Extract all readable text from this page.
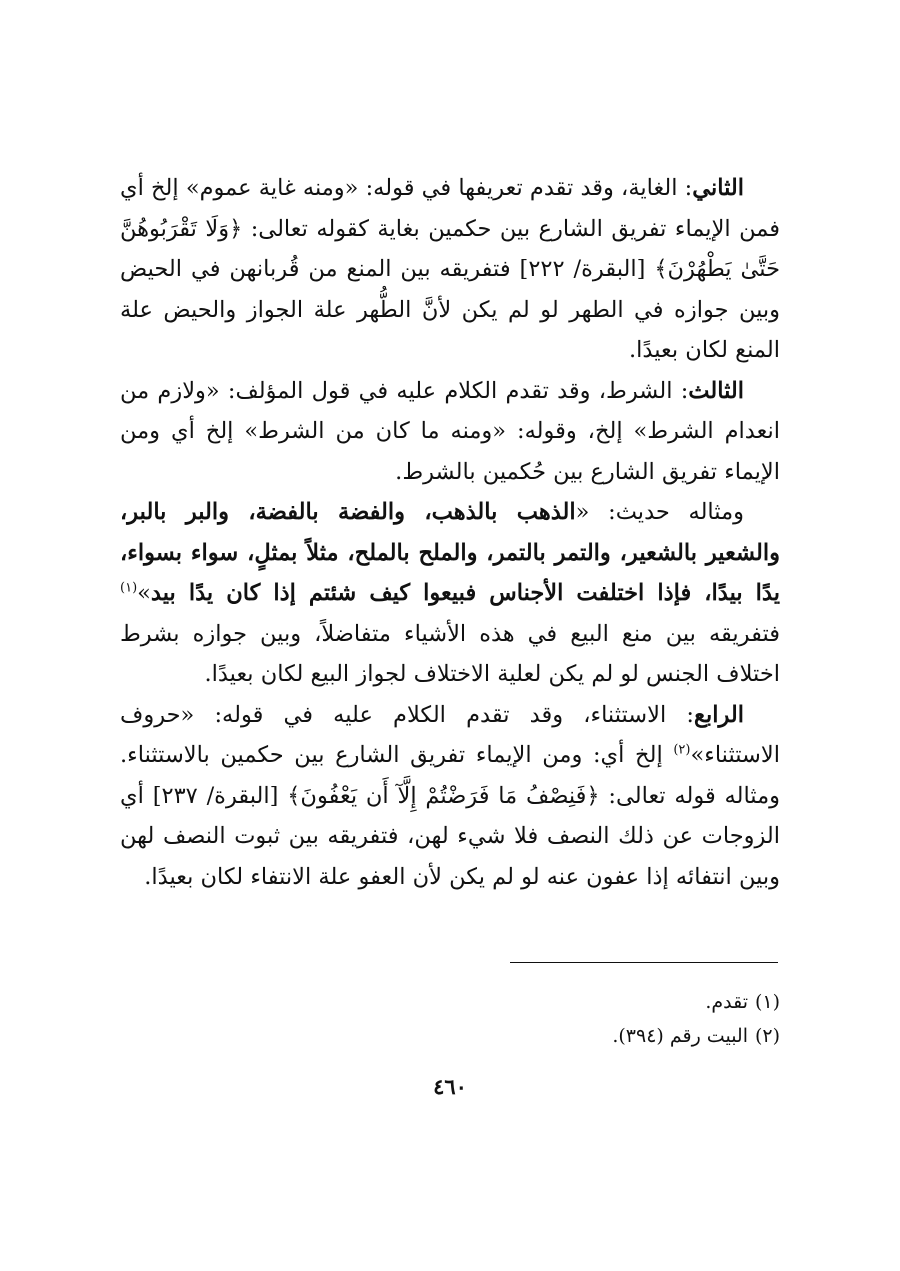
الثاني: الغاية، وقد تقدم تعريفها في قوله: «ومنه غاية عموم» إلخ أي فمن الإيماء تفريق الشارع بين حكمين بغاية كقوله تعالى: ﴿وَلَا تَقْرَبُوهُنَّ حَتَّىٰ يَطْهُرْنَ﴾ [البقرة/ ٢٢٢] فتفريقه بين المنع من قُربانهن في الحيض وبين جوازه في الطهر لو لم يكن لأنَّ الطُّهر علة الجواز والحيض علة المنع لكان بعيدًا.

الثالث: الشرط، وقد تقدم الكلام عليه في قول المؤلف: «ولازم من انعدام الشرط» إلخ، وقوله: «ومنه ما كان من الشرط» إلخ أي ومن الإيماء تفريق الشارع بين حُكمين بالشرط.

ومثاله حديث: «الذهب بالذهب، والفضة بالفضة، والبر بالبر، والشعير بالشعير، والتمر بالتمر، والملح بالملح، مثلاً بمثلٍ، سواء بسواء، يدًا بيدًا، فإذا اختلفت الأجناس فبيعوا كيف شئتم إذا كان يدًا بيد»$^{(١)}$ فتفريقه بين منع البيع في هذه الأشياء متفاضلاً، وبين جوازه بشرط اختلاف الجنس لو لم يكن لعلية الاختلاف لجواز البيع لكان بعيدًا.

الرابع: الاستثناء، وقد تقدم الكلام عليه في قوله: «حروف الاستثناء»$^{(٢)}$ إلخ أي: ومن الإيماء تفريق الشارع بين حكمين بالاستثناء. ومثاله قوله تعالى: ﴿فَنِصْفُ مَا فَرَضْتُمْ إِلَّآ أَن يَعْفُونَ﴾ [البقرة/ ٢٣٧] أي الزوجات عن ذلك النصف فلا شيء لهن، فتفريقه بين ثبوت النصف لهن وبين انتفائه إذا عفون عنه لو لم يكن لأن العفو علة الانتفاء لكان بعيدًا.

(١)تقدم.

(٢)البيت رقم (٣٩٤).

٤٦٠
